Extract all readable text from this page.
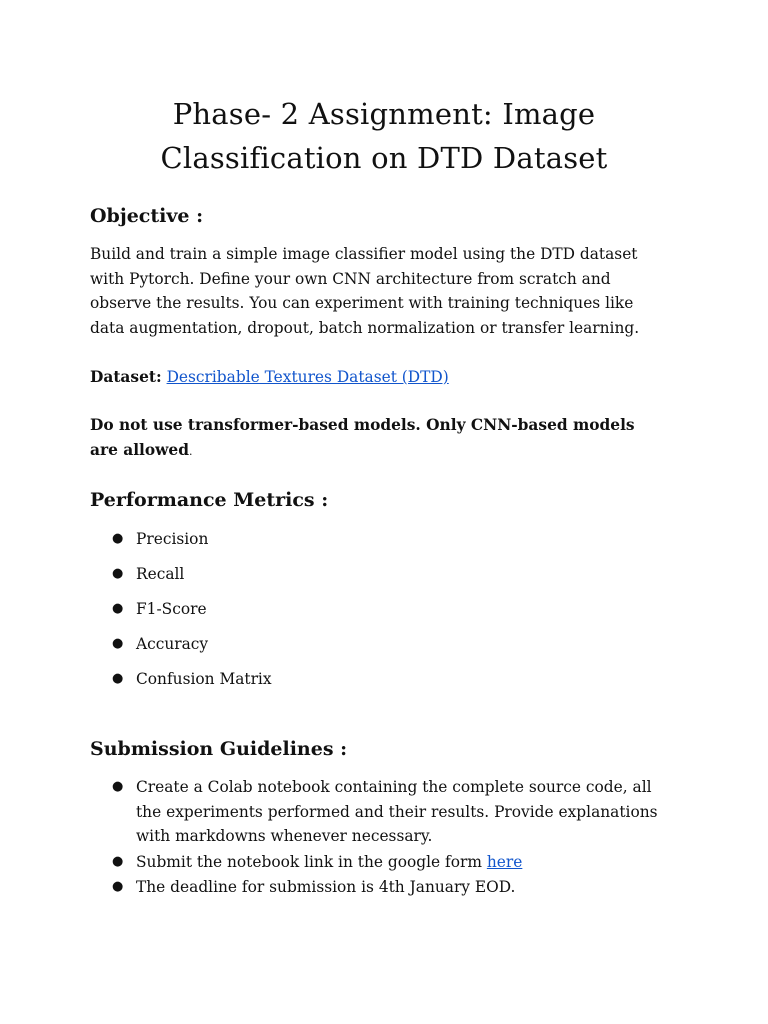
Phase- 2 Assignment: Image
Classification on DTD Dataset
Objective :

Build and train a simple image classifier model using the DTD dataset
with Pytorch. Define your own CNN architecture from scratch and
observe the results. You can experiment with training techniques like
data augmentation, dropout, batch normalization or transfer learning.

Dataset: Describable Textures Dataset (DTD)

Do not use transformer-based models. Only CNN-based models
are allowed.

Performance Metrics :
● Precision
● Recall
● F1-Score
● Accuracy
● Confusion Matrix
Submission Guidelines :
● Create a Colab notebook containing the complete source code, all
the experiments performed and their results. Provide explanations
with markdowns whenever necessary.
● Submit the notebook link in the google form here
● The deadline for submission is 4th January EOD.
